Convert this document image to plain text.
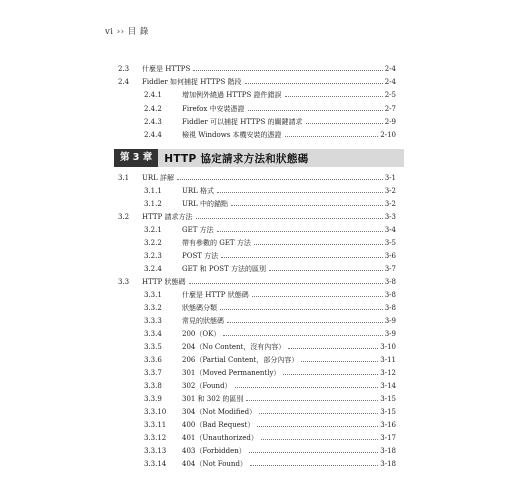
vi ›› 目 錄
2.3	什麼是 HTTPS	2-4
2.4	Fiddler 如何捕捉 HTTPS 階段	2-4
2.4.1	增加例外繞過 HTTPS 證件錯誤	2-5
2.4.2	Firefox 中安裝憑證	2-7
2.4.3	Fiddler 可以捕捉 HTTPS 的關鍵請求	2-9
2.4.4	檢視 Windows 本機安裝的憑證	2-10
第 3 章	HTTP 協定請求方法和狀態碼
3.1	URL 詳解	3-1
3.1.1	URL 格式	3-2
3.1.2	URL 中的錨點	3-2
3.2	HTTP 請求方法	3-3
3.2.1	GET 方法	3-4
3.2.2	帶有參數的 GET 方法	3-5
3.2.3	POST 方法	3-6
3.2.4	GET 和 POST 方法的區別	3-7
3.3	HTTP 狀態碼	3-8
3.3.1	什麼是 HTTP 狀態碼	3-8
3.3.2	狀態碼分類	3-8
3.3.3	常見的狀態碼	3-9
3.3.4	200（OK）	3-9
3.3.5	204（No Content，沒有內容）	3-10
3.3.6	206（Partial Content，部分內容）	3-11
3.3.7	301（Moved Permanently）	3-12
3.3.8	302（Found）	3-14
3.3.9	301 和 302 的區別	3-15
3.3.10	304（Not Modified）	3-15
3.3.11	400（Bad Request）	3-16
3.3.12	401（Unauthorized）	3-17
3.3.13	403（Forbidden）	3-18
3.3.14	404（Not Found）	3-18
